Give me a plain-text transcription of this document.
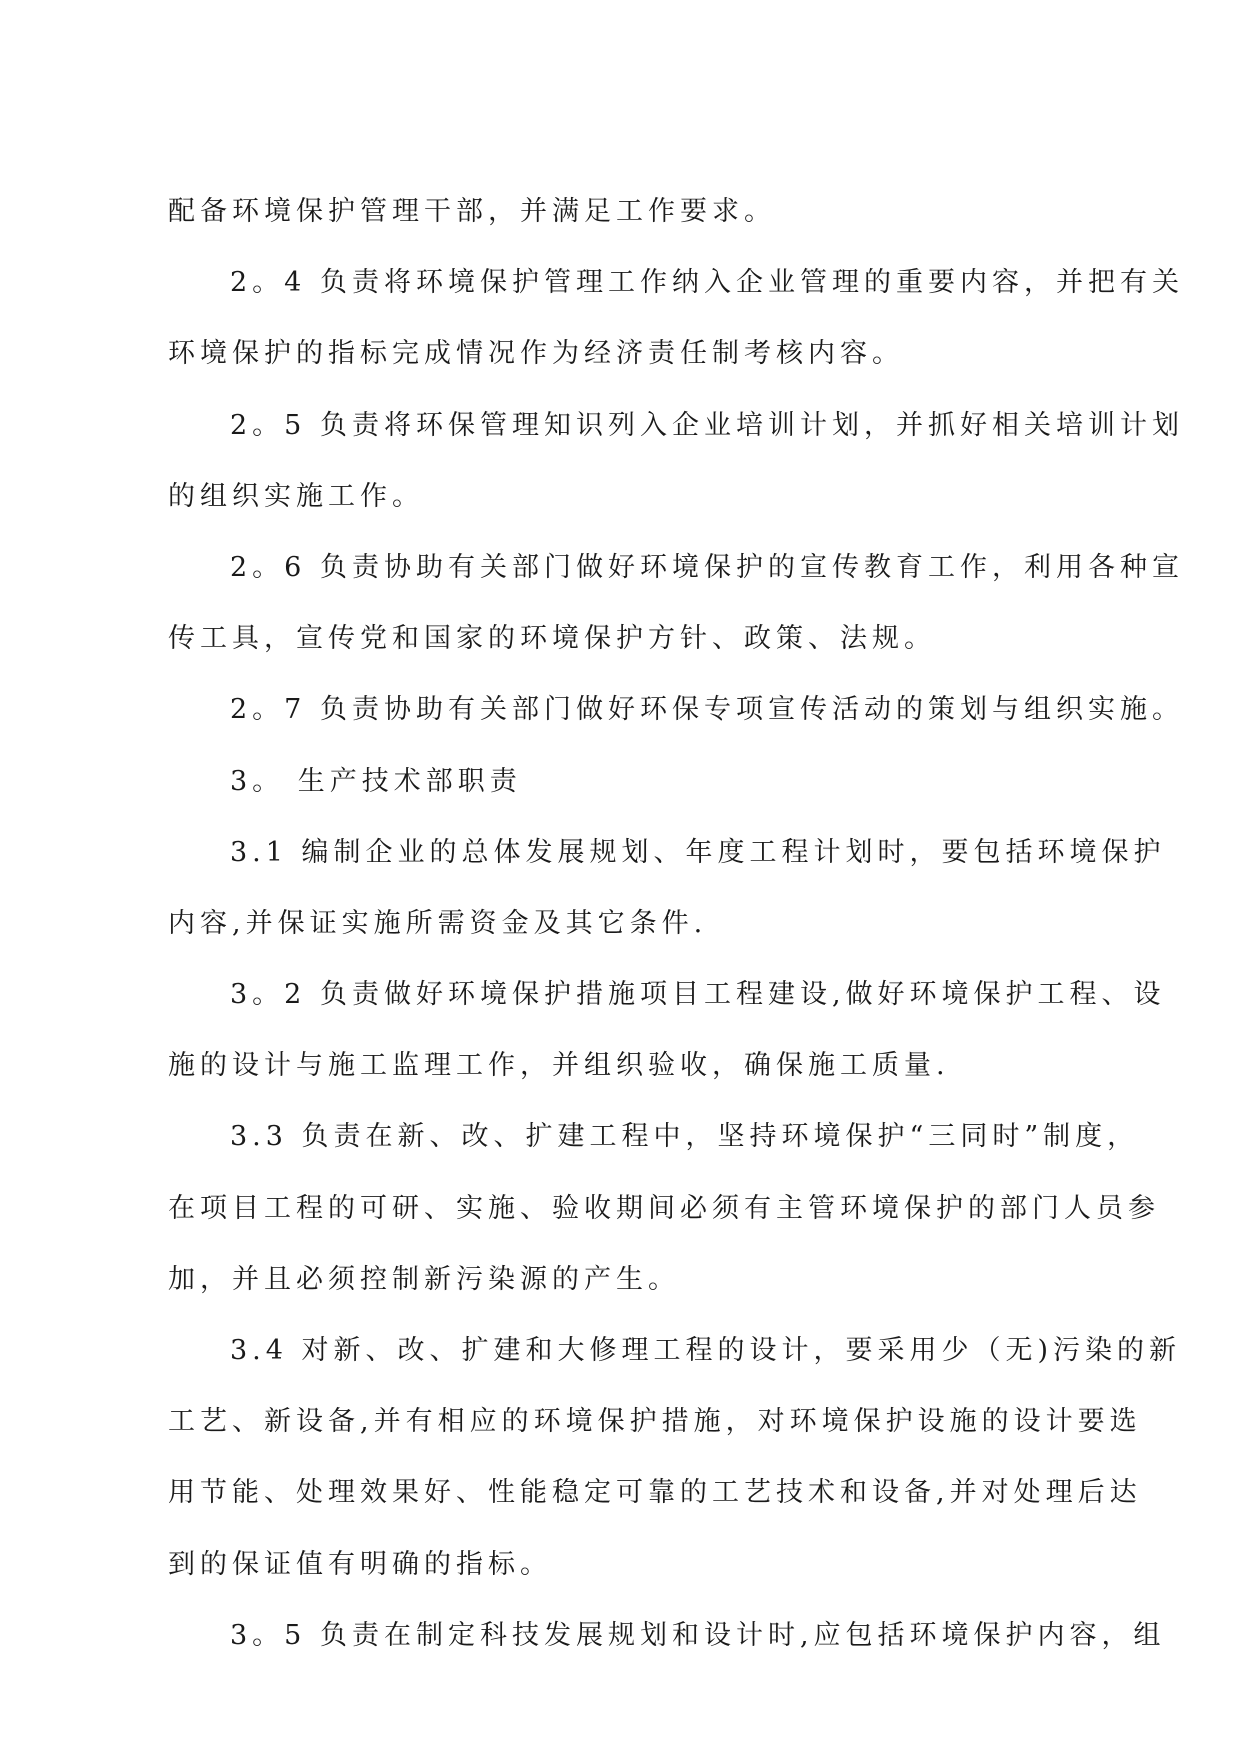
配备环境保护管理干部，并满足工作要求。
2。4 负责将环境保护管理工作纳入企业管理的重要内容，并把有关
环境保护的指标完成情况作为经济责任制考核内容。
2。5 负责将环保管理知识列入企业培训计划，并抓好相关培训计划
的组织实施工作。
2。6 负责协助有关部门做好环境保护的宣传教育工作，利用各种宣
传工具，宣传党和国家的环境保护方针、政策、法规。
2。7 负责协助有关部门做好环保专项宣传活动的策划与组织实施。
3。 生产技术部职责
3.1 编制企业的总体发展规划、年度工程计划时，要包括环境保护
内容,并保证实施所需资金及其它条件.
3。2 负责做好环境保护措施项目工程建设,做好环境保护工程、设
施的设计与施工监理工作，并组织验收，确保施工质量.
3.3 负责在新、改、扩建工程中，坚持环境保护“三同时”制度，
在项目工程的可研、实施、验收期间必须有主管环境保护的部门人员参
加，并且必须控制新污染源的产生。
3.4 对新、改、扩建和大修理工程的设计，要采用少（无)污染的新
工艺、新设备,并有相应的环境保护措施，对环境保护设施的设计要选
用节能、处理效果好、性能稳定可靠的工艺技术和设备,并对处理后达
到的保证值有明确的指标。
3。5 负责在制定科技发展规划和设计时,应包括环境保护内容，组
